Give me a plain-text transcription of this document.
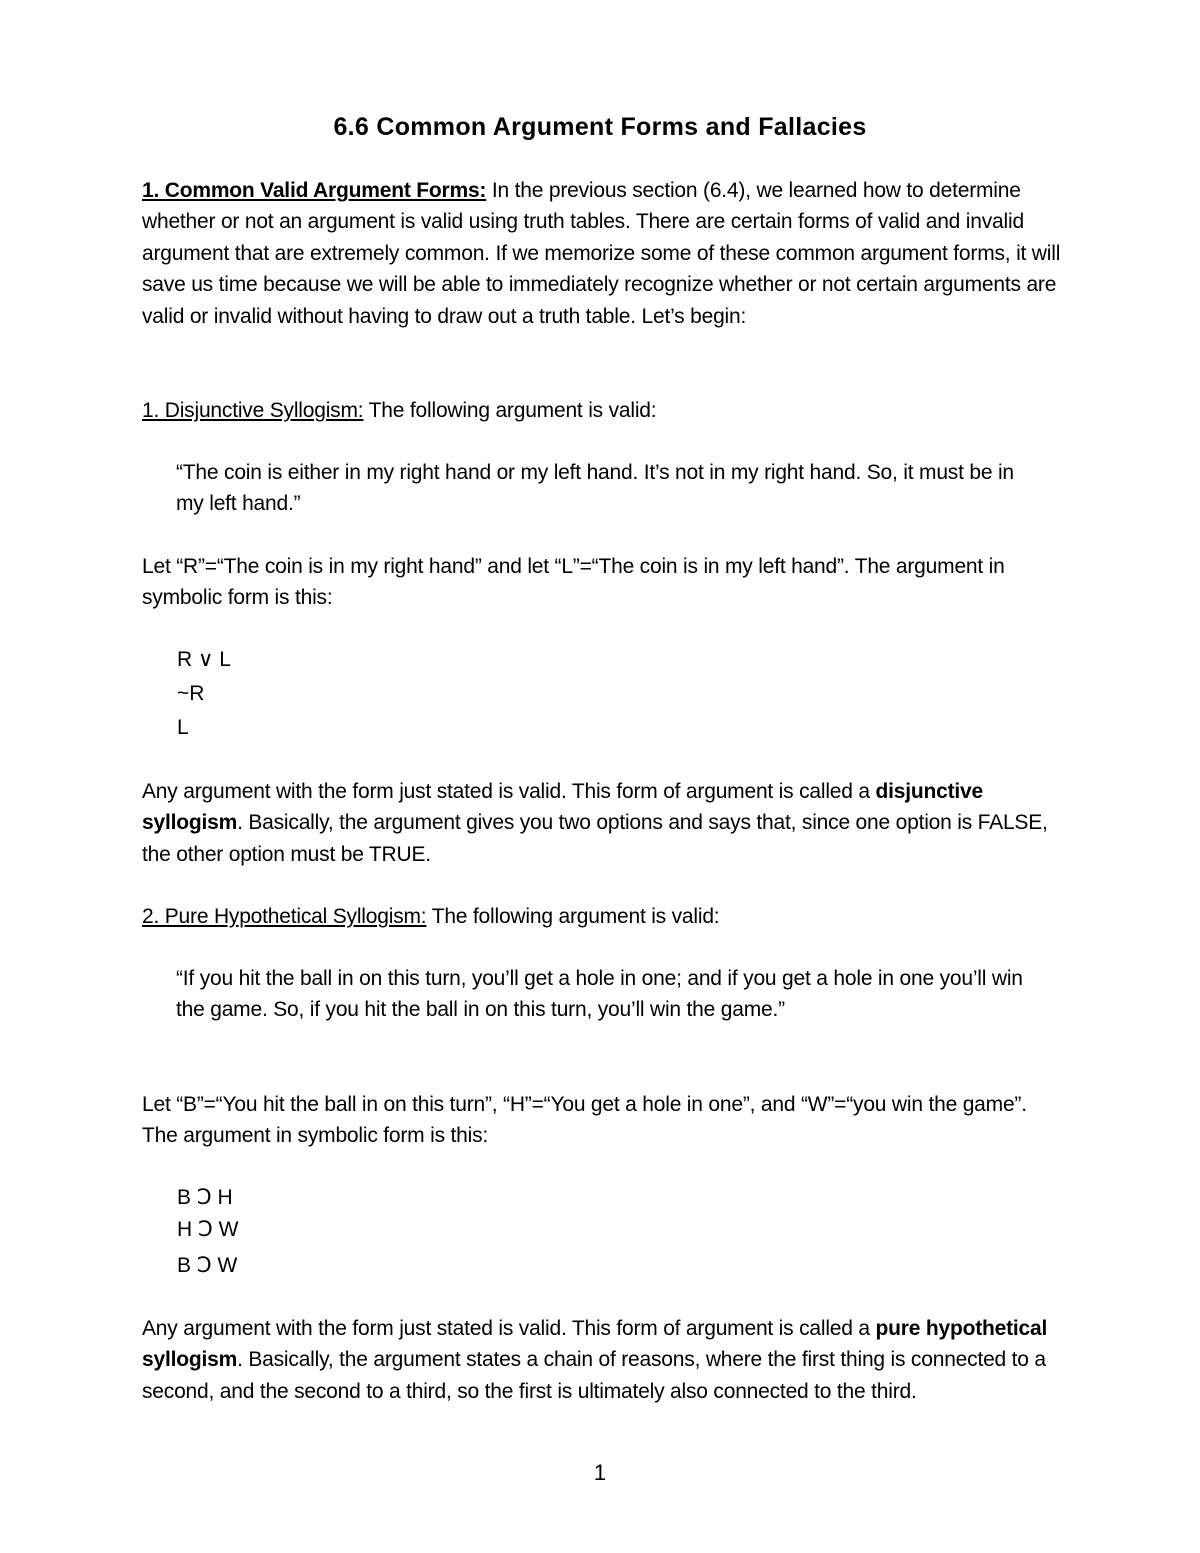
6.6 Common Argument Forms and Fallacies
1. Common Valid Argument Forms: In the previous section (6.4), we learned how to determine whether or not an argument is valid using truth tables. There are certain forms of valid and invalid argument that are extremely common. If we memorize some of these common argument forms, it will save us time because we will be able to immediately recognize whether or not certain arguments are valid or invalid without having to draw out a truth table. Let’s begin:
1. Disjunctive Syllogism: The following argument is valid:
“The coin is either in my right hand or my left hand. It’s not in my right hand. So, it must be in my left hand.”
Let “R”=“The coin is in my right hand” and let “L”=“The coin is in my left hand”. The argument in symbolic form is this:
R ∨ L
~R
L
Any argument with the form just stated is valid. This form of argument is called a disjunctive syllogism. Basically, the argument gives you two options and says that, since one option is FALSE, the other option must be TRUE.
2. Pure Hypothetical Syllogism: The following argument is valid:
“If you hit the ball in on this turn, you’ll get a hole in one; and if you get a hole in one you’ll win the game. So, if you hit the ball in on this turn, you’ll win the game.”
Let “B”=“You hit the ball in on this turn”, “H”=“You get a hole in one”, and “W”=“you win the game”. The argument in symbolic form is this:
B Ↄ H
H Ↄ W
B Ↄ W
Any argument with the form just stated is valid. This form of argument is called a pure hypothetical syllogism. Basically, the argument states a chain of reasons, where the first thing is connected to a second, and the second to a third, so the first is ultimately also connected to the third.
1
